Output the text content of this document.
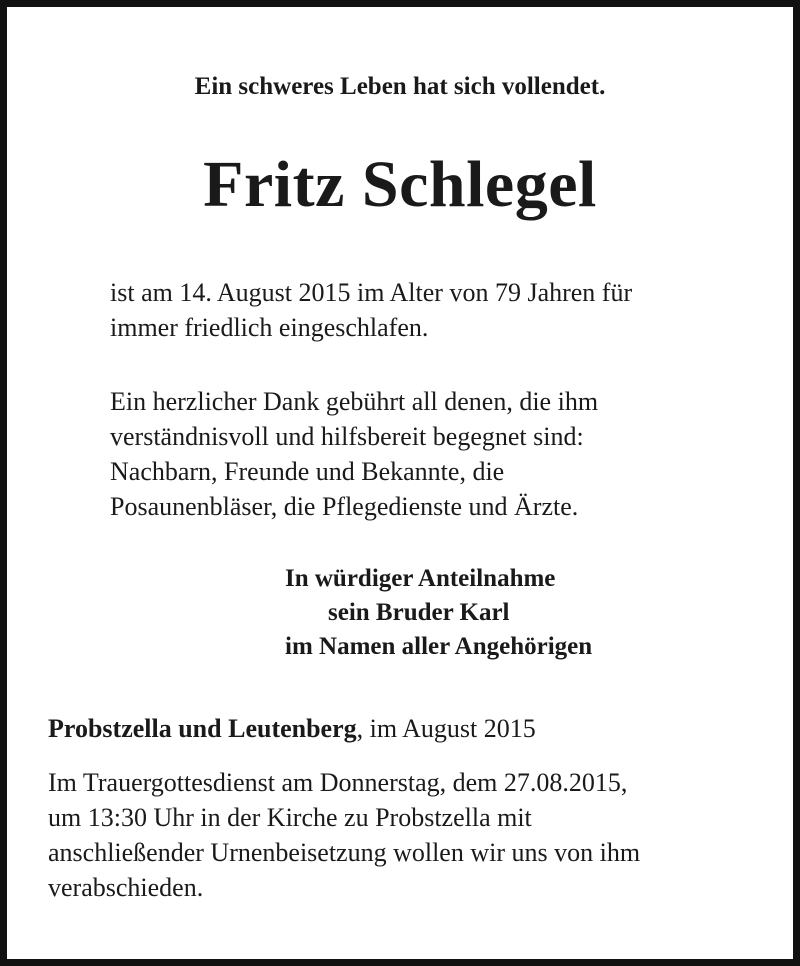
Ein schweres Leben hat sich vollendet.
Fritz Schlegel
ist am 14. August 2015 im Alter von 79 Jahren für
immer friedlich eingeschlafen.
Ein herzlicher Dank gebührt all denen, die ihm
verständnisvoll und hilfsbereit begegnet sind:
Nachbarn, Freunde und Bekannte, die
Posaunenbläser, die Pflegedienste und Ärzte.
In würdiger Anteilnahme
sein Bruder Karl
im Namen aller Angehörigen
Probstzella und Leutenberg, im August 2015
Im Trauergottesdienst am Donnerstag, dem 27.08.2015,
um 13:30 Uhr in der Kirche zu Probstzella mit
anschließender Urnenbeisetzung wollen wir uns von ihm
verabschieden.
